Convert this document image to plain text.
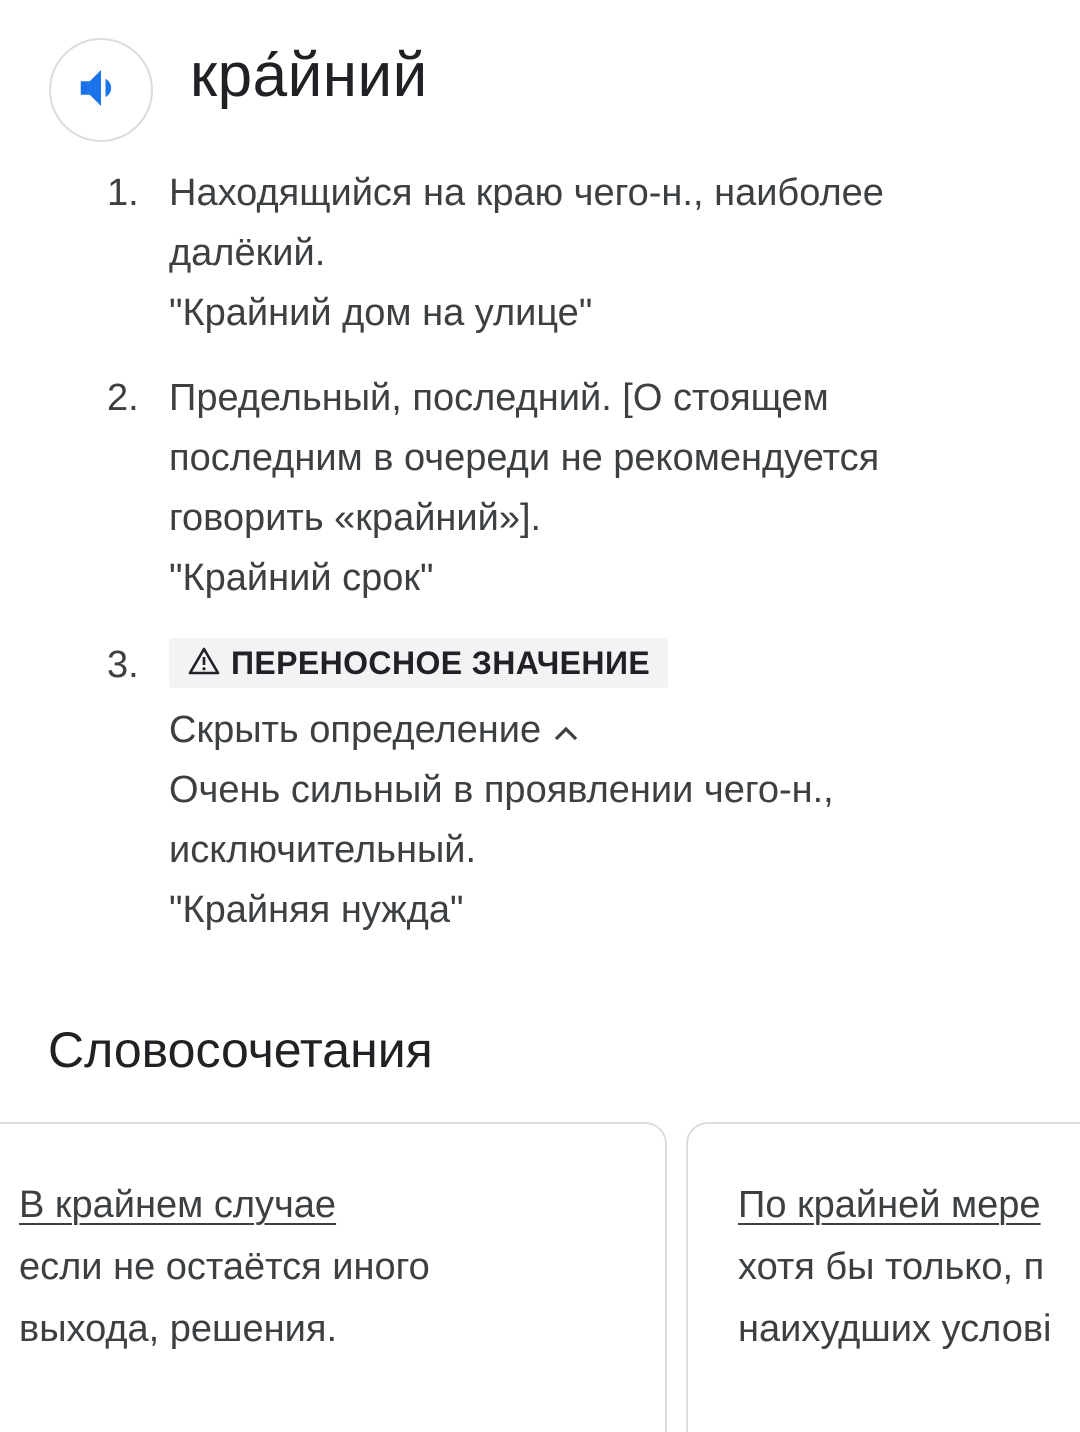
кра́йний
1. Находящийся на краю чего-н., наиболее
далёкий.
"Крайний дом на улице"
2. Предельный, последний. [О стоящем
последним в очереди не рекомендуется
говорить «крайний»].
"Крайний срок"
3.	ПЕРЕНОСНОЕ ЗНАЧЕНИЕ
Скрыть определение
Очень сильный в проявлении чего-н.,
исключительный.
"Крайняя нужда"
Словосочетания
В крайнем случае
если не остаётся иного
выхода, решения.
По крайней мере
хотя бы только, п
наихудших услові
